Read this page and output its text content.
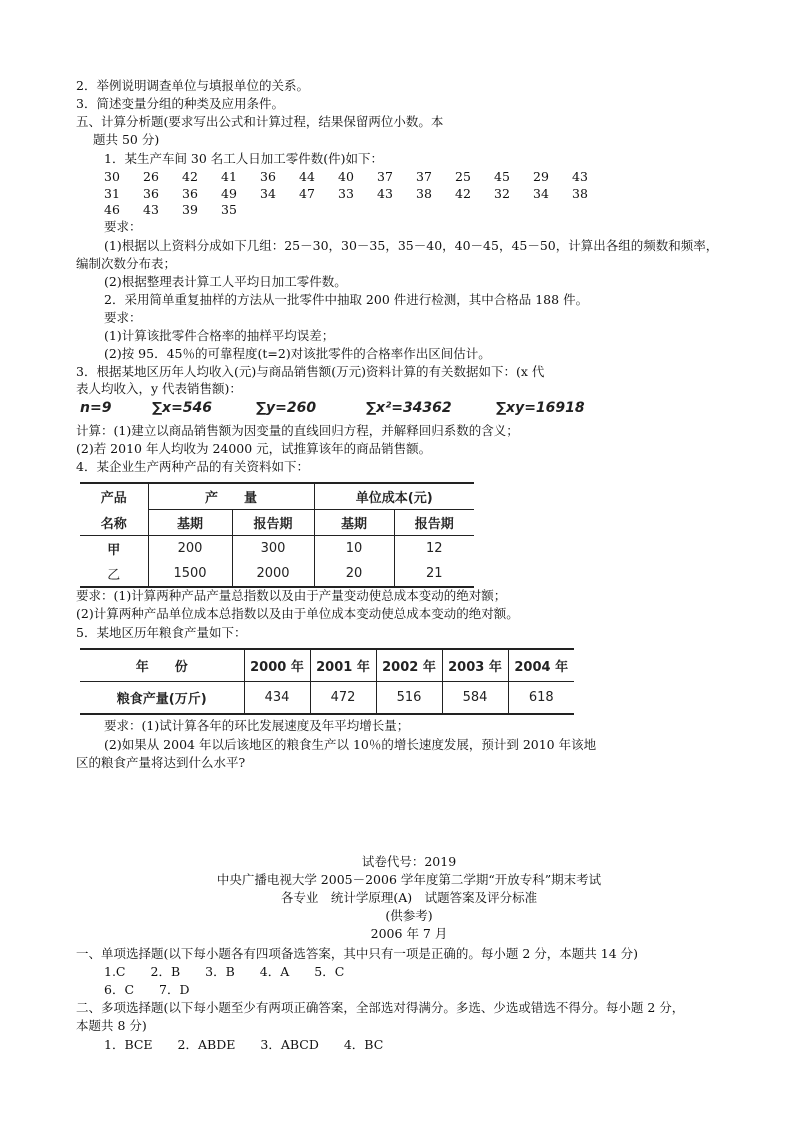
2．举例说明调查单位与填报单位的关系。
3．简述变量分组的种类及应用条件。
五、计算分析题(要求写出公式和计算过程，结果保留两位小数。本
题共 50 分)
1．某生产车间 30 名工人日加工零件数(件)如下：
30	26	42	41	36	44	40	37	37	25	45	29	43
31	36	36	49	34	47	33	43	38	42	32	34	38
46	43	39	35
要求：
(1)根据以上资料分成如下几组：25－30，30－35，35－40，40－45，45－50，计算出各组的频数和频率，
编制次数分布表；
(2)根据整理表计算工人平均日加工零件数。
2．采用简单重复抽样的方法从一批零件中抽取 200 件进行检测，其中合格品 188 件。
要求：
(1)计算该批零件合格率的抽样平均误差；
(2)按 95．45％的可靠程度(t=2)对该批零件的合格率作出区间估计。
3．根据某地区历年人均收入(元)与商品销售额(万元)资料计算的有关数据如下：(x 代
表人均收入，y 代表销售额)：
n=9	∑x=546	∑y=260	∑x²=34362	∑xy=16918
计算：(1)建立以商品销售额为因变量的直线回归方程，并解释回归系数的含义；
(2)若 2010 年人均收为 24000 元，试推算该年的商品销售额。
4．某企业生产两种产品的有关资料如下：
产品	产　　量		单位成本(元)	
名称	基期	报告期	基期	报告期
甲	200	300	10	12
乙	1500	2000	20	21
要求：(1)计算两种产品产量总指数以及由于产量变动使总成本变动的绝对额；
(2)计算两种产品单位成本总指数以及由于单位成本变动使总成本变动的绝对额。
5．某地区历年粮食产量如下：
年　　份	2000 年	2001 年	2002 年	2003 年	2004 年
粮食产量(万斤)	434	472	516	584	618
要求：(1)试计算各年的环比发展速度及年平均增长量；
(2)如果从 2004 年以后该地区的粮食生产以 10％的增长速度发展，预计到 2010 年该地
区的粮食产量将达到什么水平?
试卷代号：2019
中央广播电视大学 2005－2006 学年度第二学期“开放专科”期末考试
各专业　统计学原理(A)　试题答案及评分标准
(供参考)
2006 年 7 月
一、单项选择题(以下每小题各有四项备选答案，其中只有一项是正确的。每小题 2 分，本题共 14 分)
1.C　　2．B　　3．B　　4．A　　5．C
6．C　　7．D
二、多项选择题(以下每小题至少有两项正确答案，全部选对得满分。多选、少选或错选不得分。每小题 2 分，
本题共 8 分)
1．BCE　　2．ABDE　　3．ABCD　　4．BC
